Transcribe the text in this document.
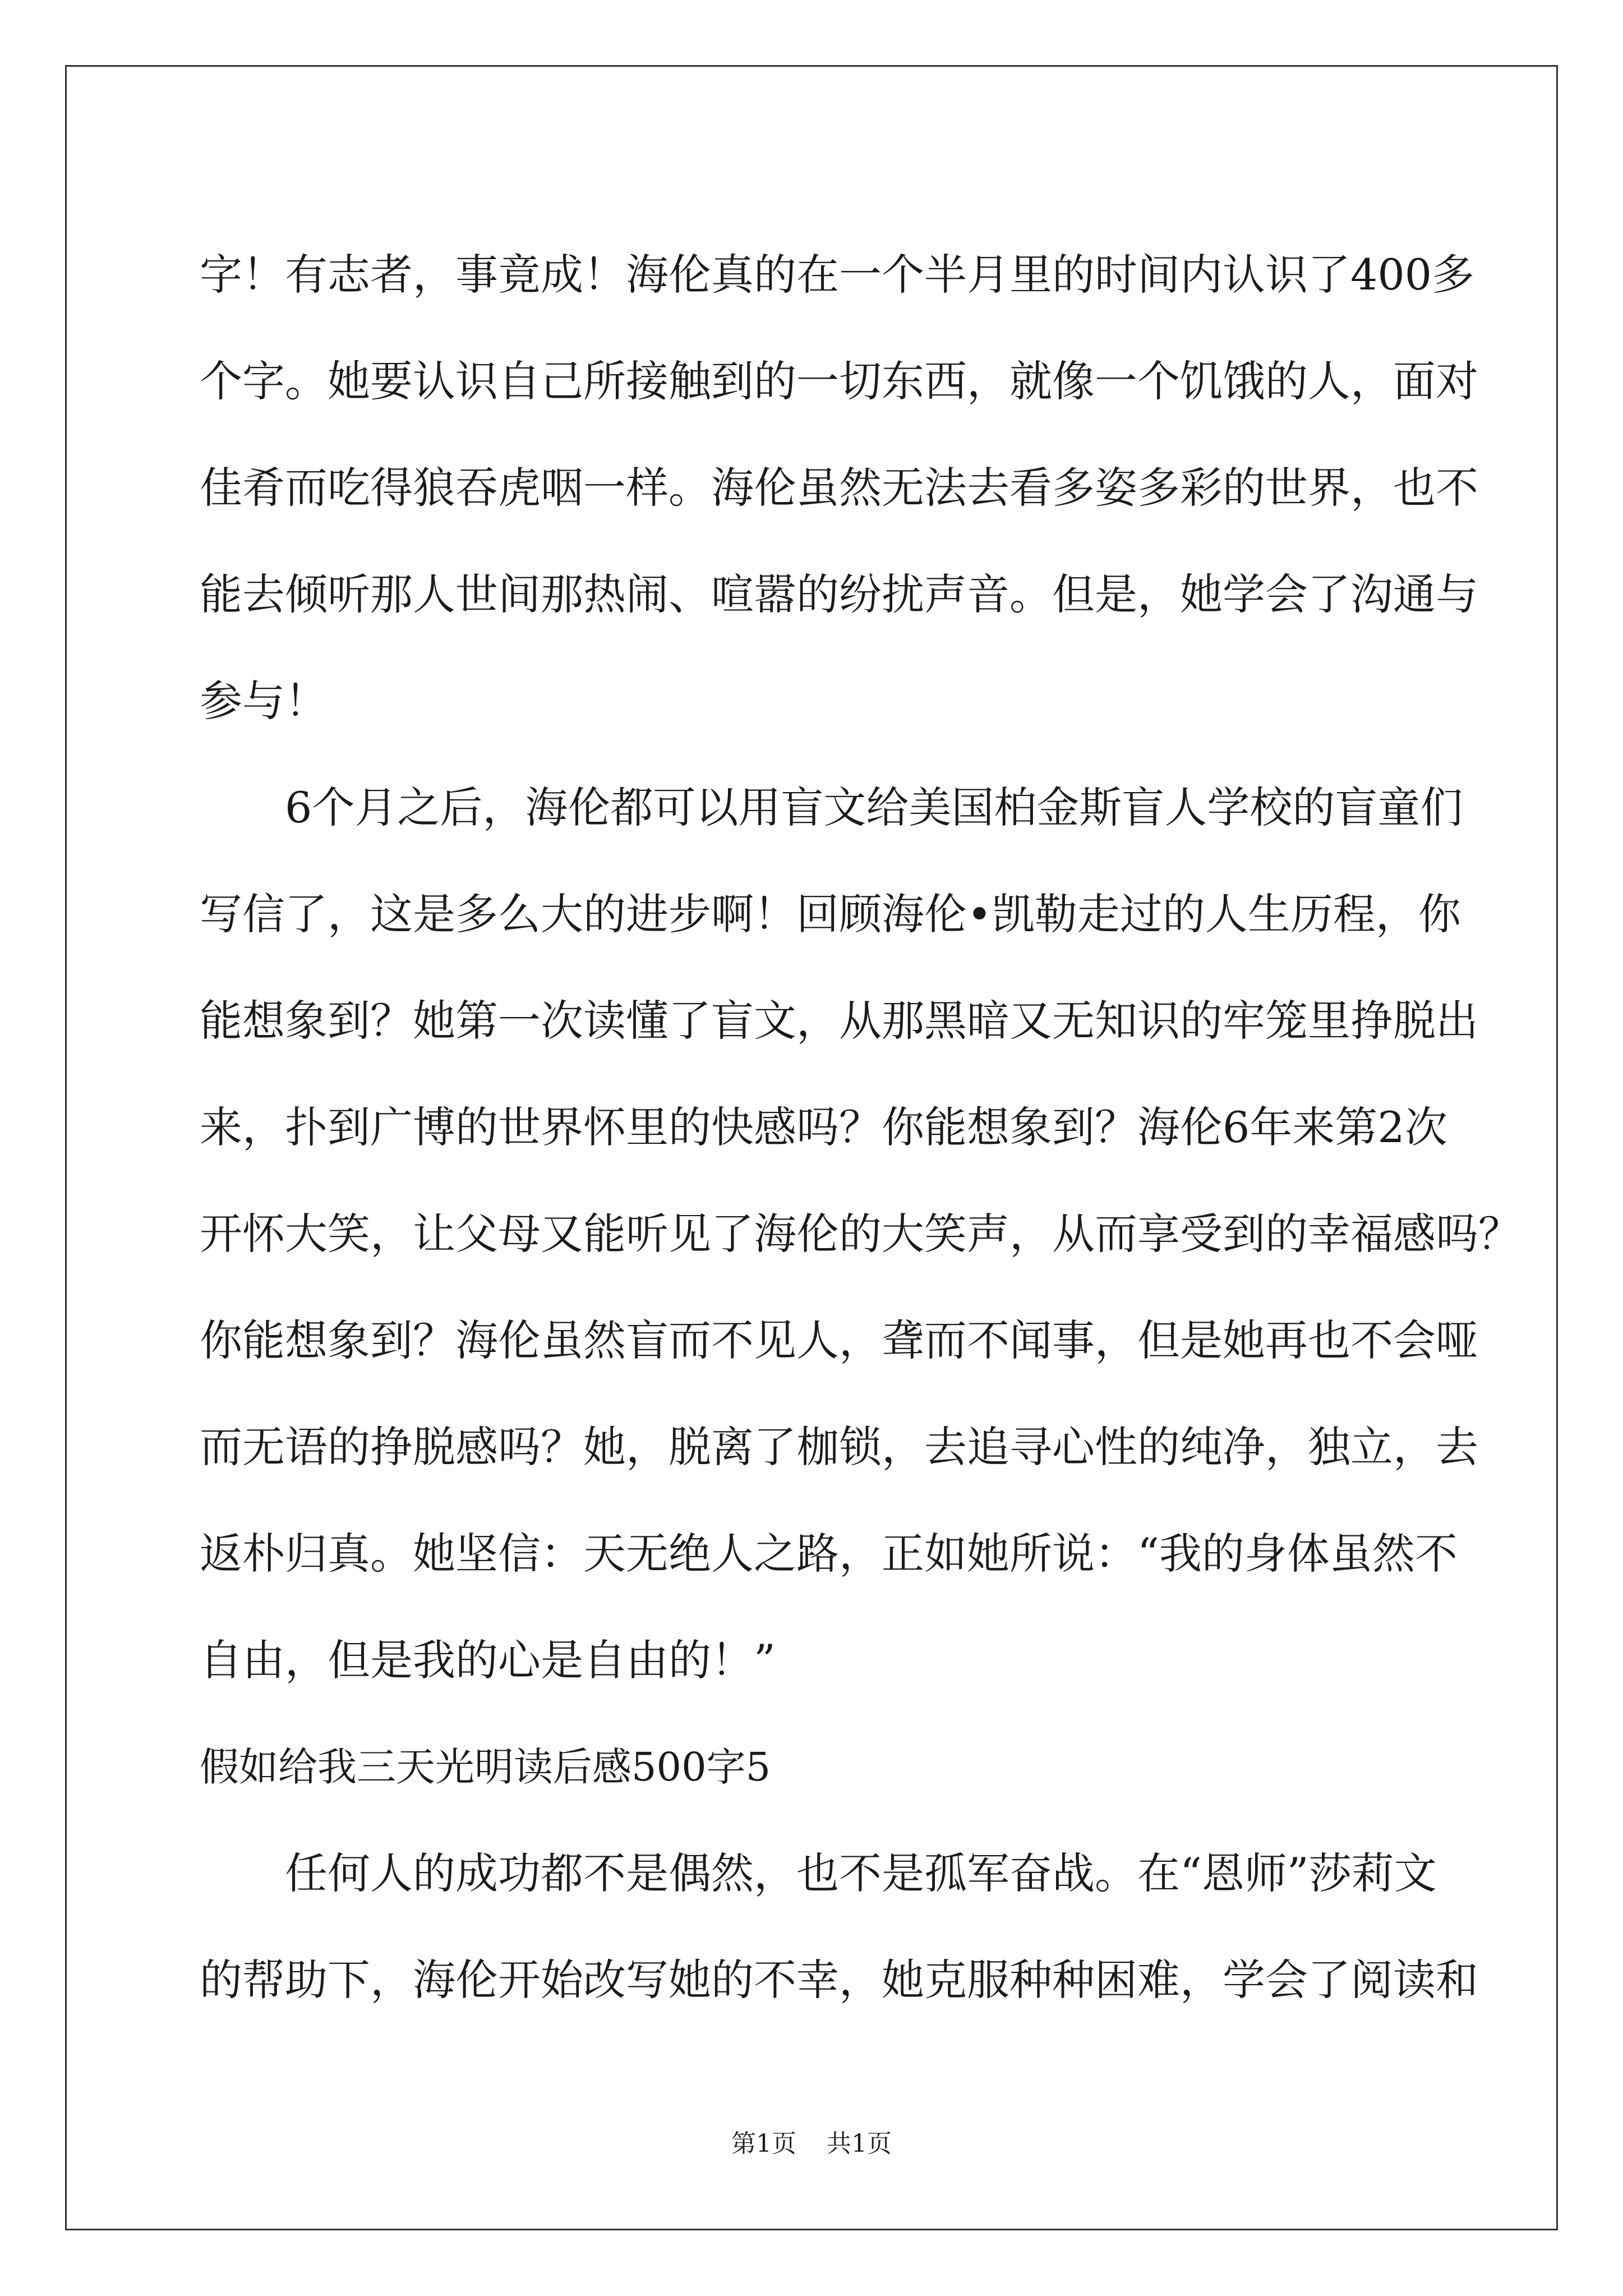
字！有志者，事竟成！海伦真的在一个半月里的时间内认识了400多
个字。她要认识自己所接触到的一切东西，就像一个饥饿的人，面对
佳肴而吃得狼吞虎咽一样。海伦虽然无法去看多姿多彩的世界，也不
能去倾听那人世间那热闹、喧嚣的纷扰声音。但是，她学会了沟通与
参与！
6个月之后，海伦都可以用盲文给美国柏金斯盲人学校的盲童们
写信了，这是多么大的进步啊！回顾海伦•凯勒走过的人生历程，你
能想象到？她第一次读懂了盲文，从那黑暗又无知识的牢笼里挣脱出
来，扑到广博的世界怀里的快感吗？你能想象到？海伦6年来第2次
开怀大笑，让父母又能听见了海伦的大笑声，从而享受到的幸福感吗？
你能想象到？海伦虽然盲而不见人，聋而不闻事，但是她再也不会哑
而无语的挣脱感吗？她，脱离了枷锁，去追寻心性的纯净，独立，去
返朴归真。她坚信：天无绝人之路，正如她所说：“我的身体虽然不
自由，但是我的心是自由的！”
假如给我三天光明读后感500字5
任何人的成功都不是偶然，也不是孤军奋战。在“恩师”莎莉文
的帮助下，海伦开始改写她的不幸，她克服种种困难，学会了阅读和
第1页 共1页
